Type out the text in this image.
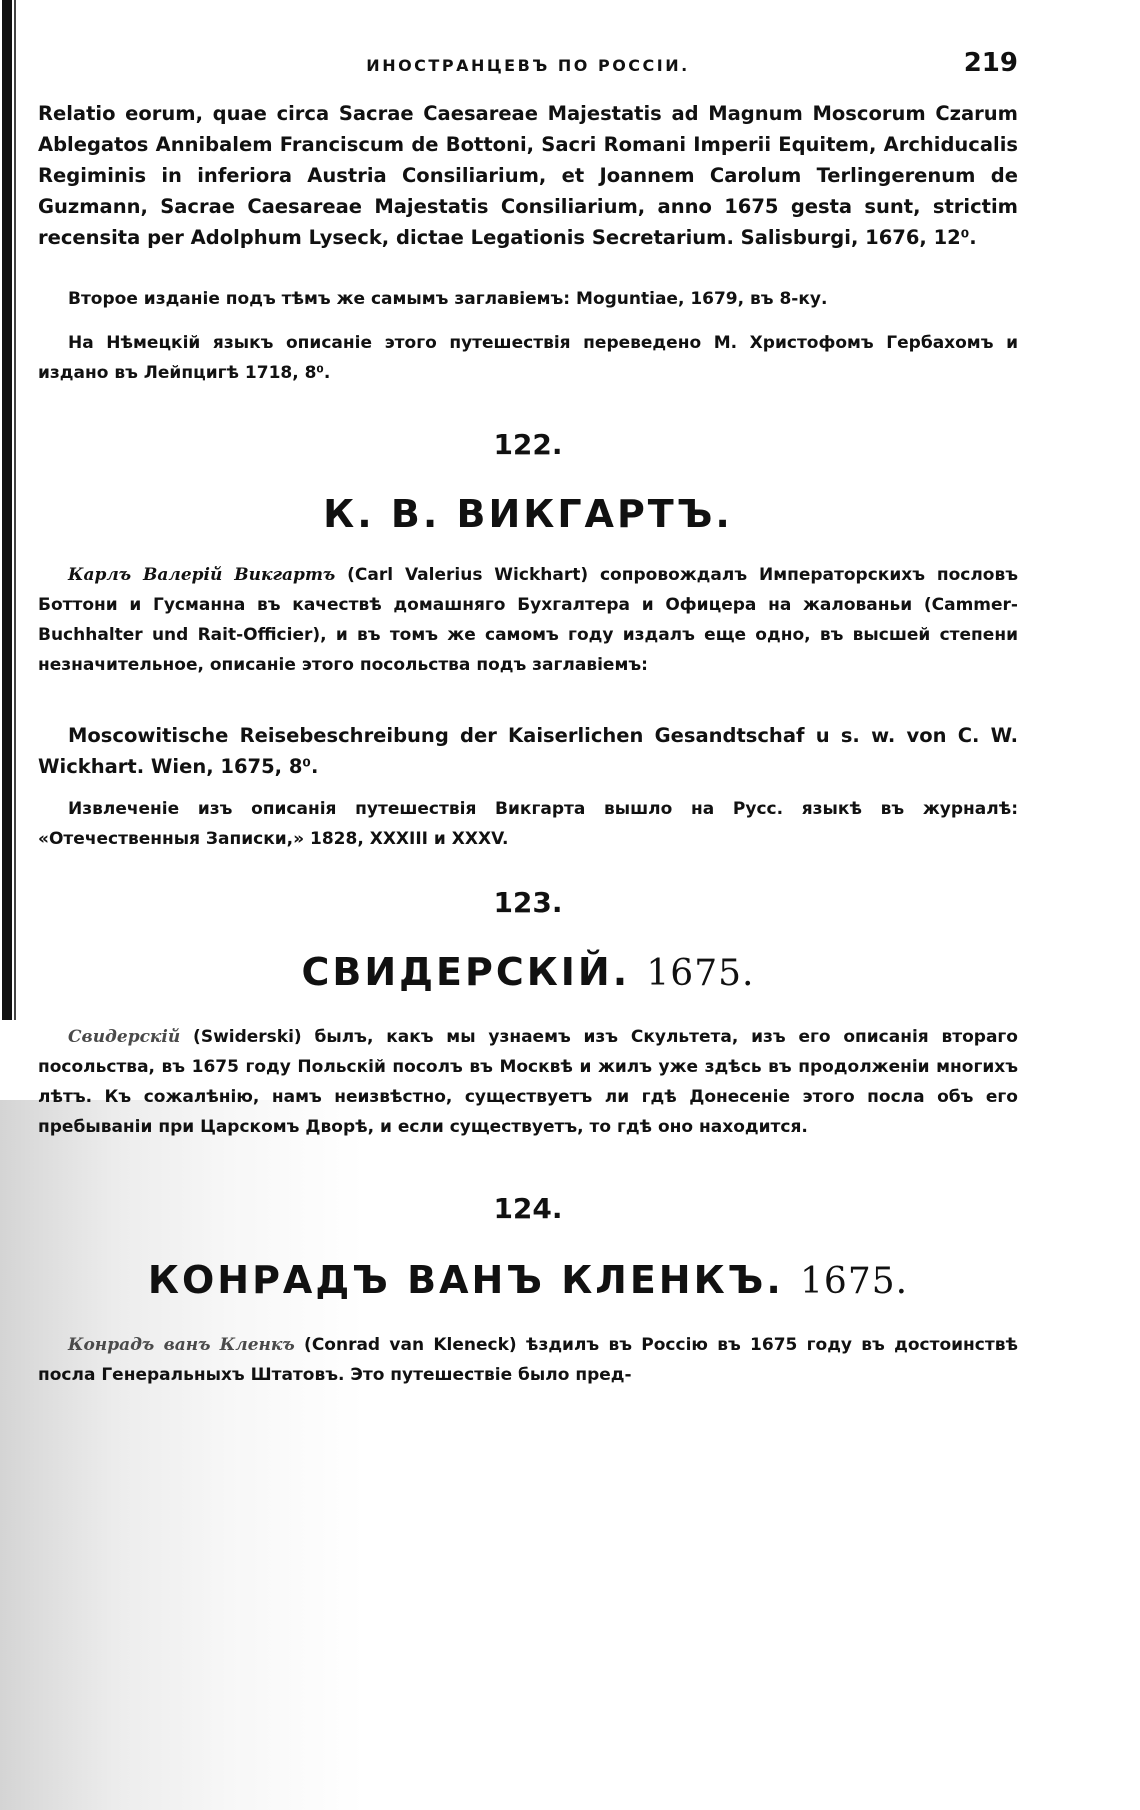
ИНОСТРАНЦЕВЪ ПО РОССІИ.	219

Relatio eorum, quae circa Sacrae Caesareae Majestatis ad Magnum Moscorum Czarum Ablegatos Annibalem Franciscum de Bottoni, Sacri Romani Imperii Equitem, Archiducalis Regiminis in inferiora Austria Consiliarium, et Joannem Carolum Terlingerenum de Guzmann, Sacrae Caesareae Majestatis Consiliarium, anno 1675 gesta sunt, strictim recensita per Adolphum Lyseck, dictae Legationis Secretarium. Salisburgi, 1676, 12⁰.

Второе изданіе подъ тѣмъ же самымъ заглавіемъ: Moguntiae, 1679, въ 8-ку.

На Нѣмецкій языкъ описаніе этого путешествія переведено М. Христофомъ Гербахомъ и издано въ Лейпцигѣ 1718, 8⁰.

122.
К. В. ВИКГАРТЪ.

Карлъ Валерій Викгартъ (Carl Valerius Wickhart) сопровождалъ Императорскихъ пословъ Боттони и Гусманна въ качествѣ домашняго Бухгалтера и Офицера на жалованьи (Cammer-Buchhalter und Rait-Officier), и въ томъ же самомъ году издалъ еще одно, въ высшей степени незначительное, описаніе этого посольства подъ заглавіемъ:

Moscowitische Reisebeschreibung der Kaiserlichen Gesandtschaf u s. w. von C. W. Wickhart. Wien, 1675, 8⁰.

Извлеченіе изъ описанія путешествія Викгарта вышло на Русс. языкѣ въ журналѣ: «Отечественныя Записки,» 1828, XXXIII и XXXV.

123.
СВИДЕРСКІЙ. 1675.

Свидерскій (Swiderski) былъ, какъ мы узнаемъ изъ Скультета, изъ его описанія втораго посольства, въ 1675 году Польскій посолъ въ Москвѣ и жилъ уже здѣсь въ продолженіи многихъ лѣтъ. Къ сожалѣнію, намъ неизвѣстно, существуетъ ли гдѣ Донесеніе этого посла объ его пребываніи при Царскомъ Дворѣ, и если существуетъ, то гдѣ оно находится.

124.
КОНРАДЪ ВАНЪ КЛЕНКЪ. 1675.

Конрадъ ванъ Кленкъ (Conrad van Kleneck) ѣздилъ въ Россію въ 1675 году въ достоинствѣ посла Генеральныхъ Штатовъ. Это путешествіе было пред-
